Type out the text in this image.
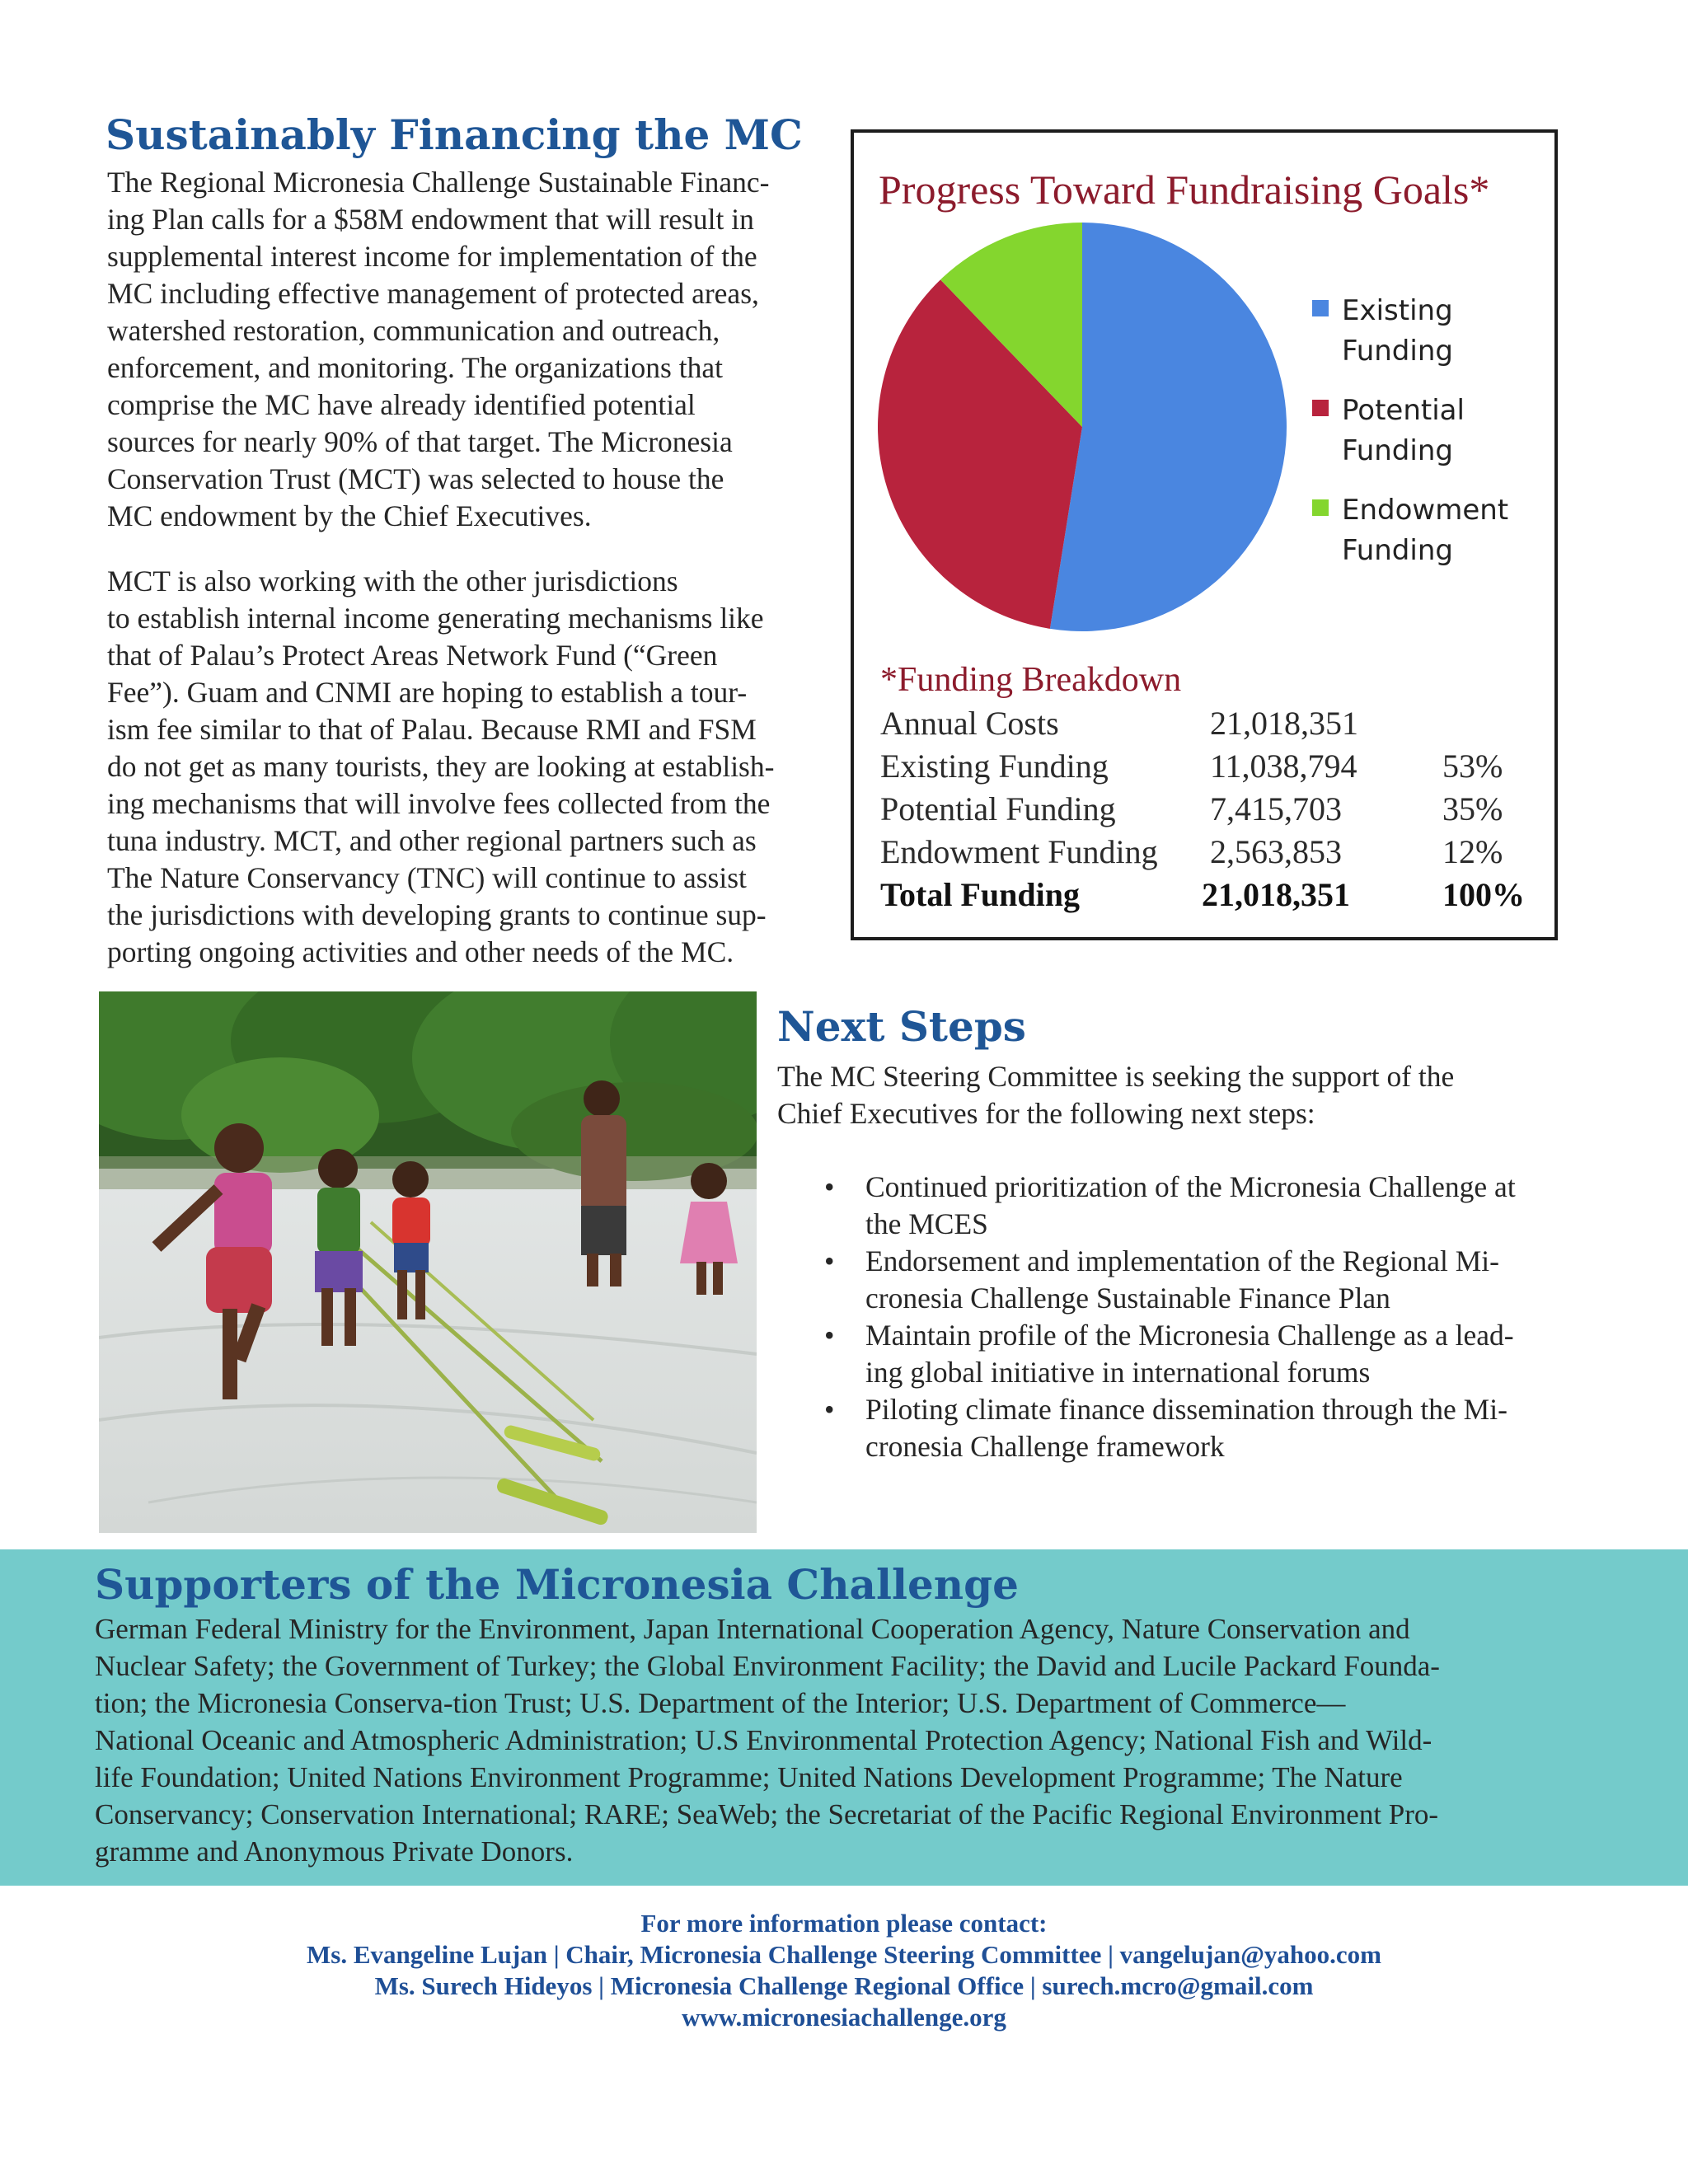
Sustainably Financing the MC
The Regional Micronesia Challenge Sustainable Financ-
ing Plan calls for a $58M endowment that will result in
supplemental interest income for implementation of the
MC including effective management of protected areas,
watershed restoration, communication and outreach,
enforcement, and monitoring. The organizations that
comprise the MC have already identified potential
sources for nearly 90% of that target. The Micronesia
Conservation Trust (MCT) was selected to house the
MC endowment by the Chief Executives.
MCT is also working with the other jurisdictions
to establish internal income generating mechanisms like
that of Palau’s Protect Areas Network Fund (“Green
Fee”). Guam and CNMI are hoping to establish a tour-
ism fee similar to that of Palau. Because RMI and FSM
do not get as many tourists, they are looking at establish-
ing mechanisms that will involve fees collected from the
tuna industry. MCT, and other regional partners such as
The Nature Conservancy (TNC) will continue to assist
the jurisdictions with developing grants to continue sup-
porting ongoing activities and other needs of the MC.
Progress Toward Fundraising Goals*
Existing Funding
Potential Funding
Endowment Funding
*Funding Breakdown
Annual Costs	21,018,351
Existing Funding	11,038,794	53%
Potential Funding	7,415,703	35%
Endowment Funding 2,563,853	12%
Total Funding	21,018,351	100%
Next Steps
The MC Steering Committee is seeking the support of the
Chief Executives for the following next steps:
• Continued prioritization of the Micronesia Challenge at
the MCES
• Endorsement and implementation of the Regional Mi-
cronesia Challenge Sustainable Finance Plan
• Maintain profile of the Micronesia Challenge as a lead-
ing global initiative in international forums
• Piloting climate finance dissemination through the Mi-
cronesia Challenge framework
Supporters of the Micronesia Challenge
German Federal Ministry for the Environment, Japan International Cooperation Agency, Nature Conservation and
Nuclear Safety; the Government of Turkey; the Global Environment Facility; the David and Lucile Packard Founda-
tion; the Micronesia Conserva-tion Trust; U.S. Department of the Interior; U.S. Department of Commerce—
National Oceanic and Atmospheric Administration; U.S Environmental Protection Agency; National Fish and Wild-
life Foundation; United Nations Environment Programme; United Nations Development Programme; The Nature
Conservancy; Conservation International; RARE; SeaWeb; the Secretariat of the Pacific Regional Environment Pro-
gramme and Anonymous Private Donors.
For more information please contact:
Ms. Evangeline Lujan | Chair, Micronesia Challenge Steering Committee | vangelujan@yahoo.com
Ms. Surech Hideyos | Micronesia Challenge Regional Office | surech.mcro@gmail.com
www.micronesiachallenge.org
